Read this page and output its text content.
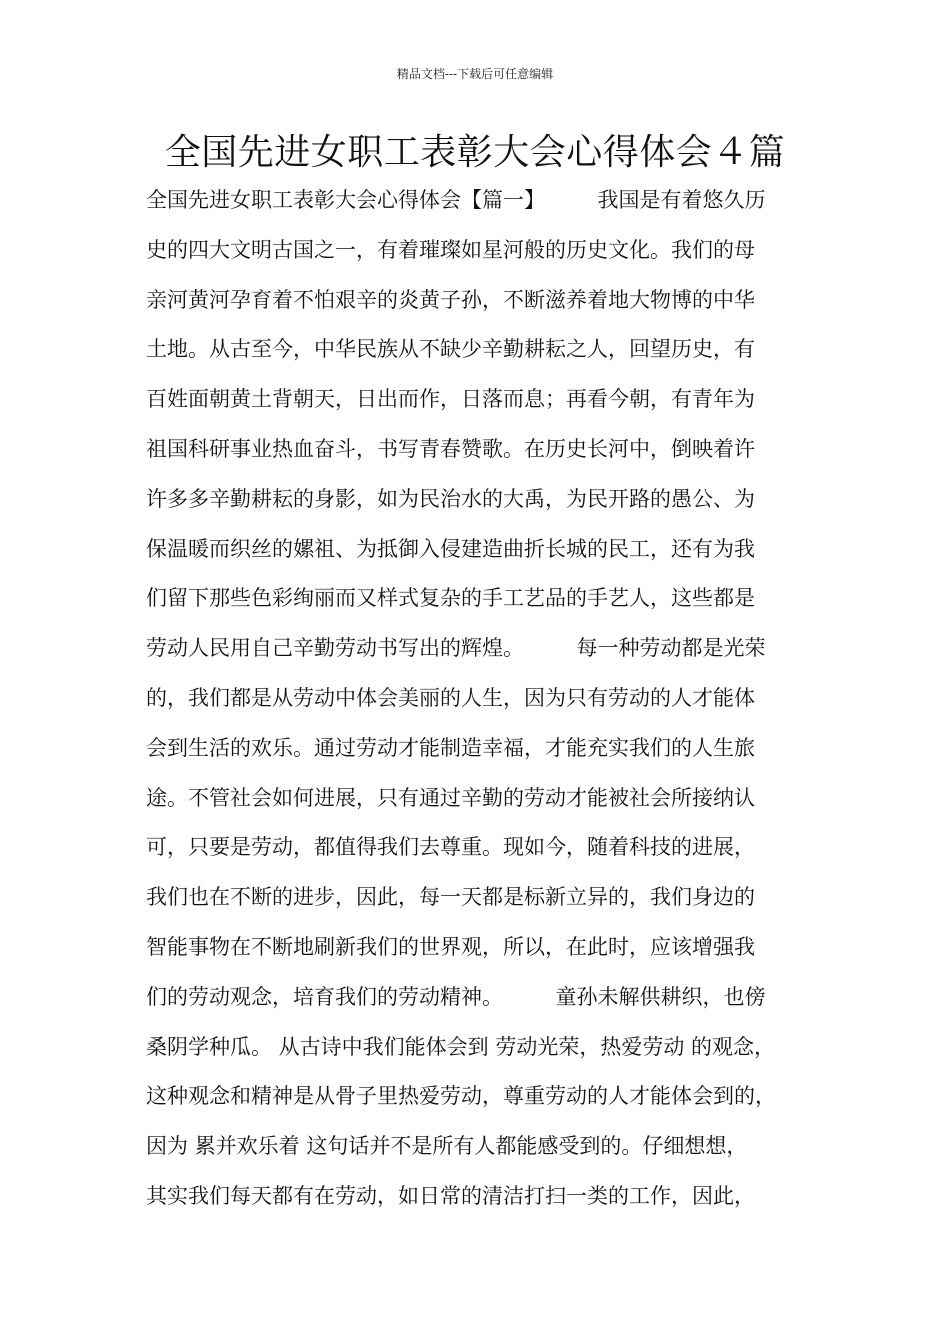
精品文档---下载后可任意编辑
全国先进女职工表彰大会心得体会４篇
全国先进女职工表彰大会心得体会【篇一】　　　我国是有着悠久历
史的四大文明古国之一，有着璀璨如星河般的历史文化。我们的母
亲河黄河孕育着不怕艰辛的炎黄子孙，不断滋养着地大物博的中华
土地。从古至今，中华民族从不缺少辛勤耕耘之人，回望历史，有
百姓面朝黄土背朝天，日出而作，日落而息；再看今朝，有青年为
祖国科研事业热血奋斗，书写青春赞歌。在历史长河中，倒映着许
许多多辛勤耕耘的身影，如为民治水的大禹，为民开路的愚公、为
保温暖而织丝的嫘祖、为抵御入侵建造曲折长城的民工，还有为我
们留下那些色彩绚丽而又样式复杂的手工艺品的手艺人，这些都是
劳动人民用自己辛勤劳动书写出的辉煌。　　　每一种劳动都是光荣
的，我们都是从劳动中体会美丽的人生，因为只有劳动的人才能体
会到生活的欢乐。通过劳动才能制造幸福，才能充实我们的人生旅
途。不管社会如何进展，只有通过辛勤的劳动才能被社会所接纳认
可，只要是劳动，都值得我们去尊重。现如今，随着科技的进展，
我们也在不断的进步，因此，每一天都是标新立异的，我们身边的
智能事物在不断地刷新我们的世界观，所以，在此时，应该增强我
们的劳动观念，培育我们的劳动精神。　　　童孙未解供耕织，也傍
桑阴学种瓜。 从古诗中我们能体会到 劳动光荣，热爱劳动 的观念，
这种观念和精神是从骨子里热爱劳动，尊重劳动的人才能体会到的，
因为 累并欢乐着 这句话并不是所有人都能感受到的。仔细想想，
其实我们每天都有在劳动，如日常的清洁打扫一类的工作，因此，
